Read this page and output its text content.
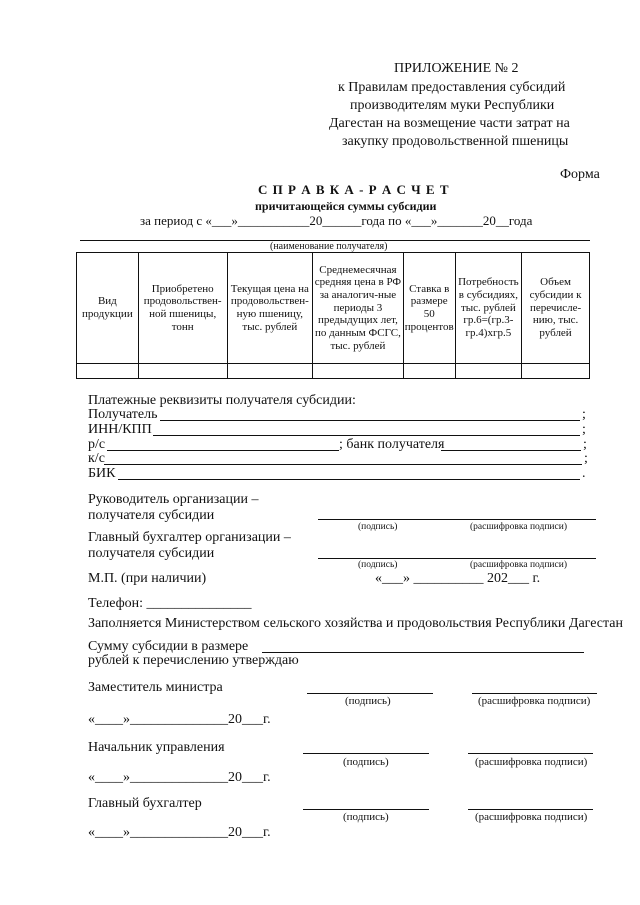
ПРИЛОЖЕНИЕ № 2
к Правилам предоставления субсидий
производителям муки Республики
Дагестан на возмещение части затрат на
закупку продовольственной пшеницы
Форма
С П Р А В К А - Р А С Ч Е Т
причитающейся суммы субсидии
за период с «___»___________20______года по «___»_______20__года
(наименование получателя)
Вид продукции	Приобретено продовольствен-ной пшеницы, тонн	Текущая цена на продовольствен-ную пшеницу, тыс. рублей	Среднемесячная средняя цена в РФ за аналогич-ные периоды 3 предыдущих лет, по данным ФСГС, тыс. рублей	Ставка в размере 50 процентов	Потребность в субсидиях, тыс. рублей гр.6=(гр.3-гр.4)хгр.5	Объем субсидии к перечисле-нию, тыс. рублей

Платежные реквизиты получателя субсидии:
Получатель	;
ИНН/КПП	;
р/с	; банк получателя	;
к/с	;
БИК	.
Руководитель организации –
получателя субсидии
(подпись)	(расшифровка подписи)
Главный бухгалтер организации –
получателя субсидии
(подпись)	(расшифровка подписи)
М.П. (при наличии)	«___» __________ 202___ г.
Телефон: _______________
Заполняется Министерством сельского хозяйства и продовольствия Республики Дагестан
Сумму субсидии в размере
рублей к перечислению утверждаю
Заместитель министра
(подпись)	(расшифровка подписи)
«____»______________20___г.
Начальник управления
(подпись)	(расшифровка подписи)
«____»______________20___г.
Главный бухгалтер
(подпись)	(расшифровка подписи)
«____»______________20___г.
